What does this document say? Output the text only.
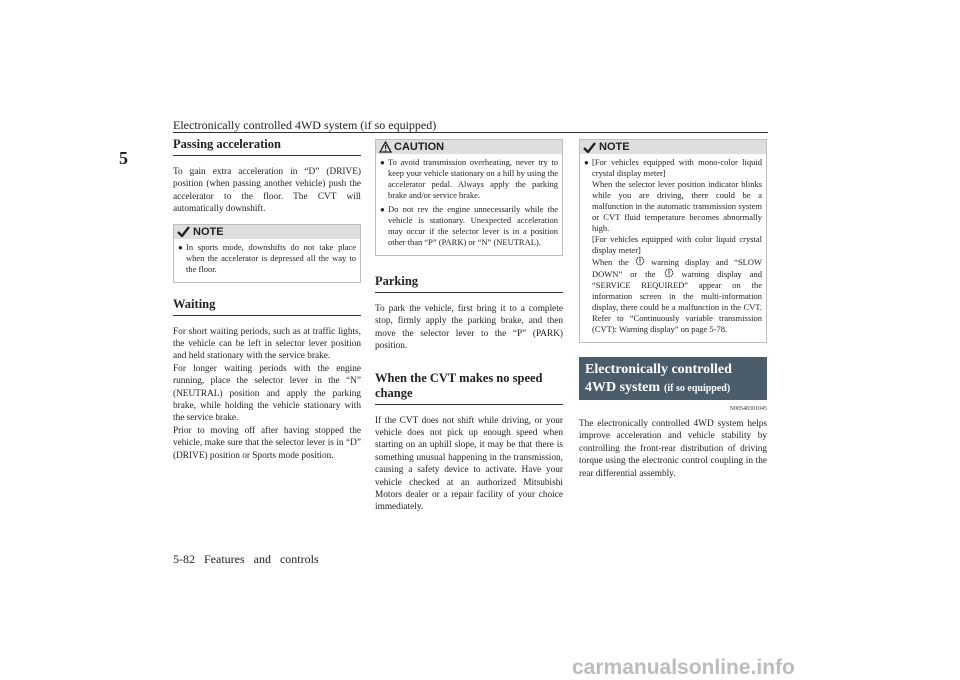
Electronically controlled 4WD system (if so equipped)
5
Passing acceleration

To gain extra acceleration in “D” (DRIVE) position (when passing another vehicle) push the accelerator to the floor. The CVT will automatically downshift.

NOTE
● In sports mode, downshifts do not take place when the accelerator is depressed all the way to the floor.
Waiting

For short waiting periods, such as at traffic lights, the vehicle can be left in selector lever position and held stationary with the service brake.

For longer waiting periods with the engine running, place the selector lever in the “N” (NEUTRAL) position and apply the parking brake, while holding the vehicle stationary with the service brake.

Prior to moving off after having stopped the vehicle, make sure that the selector lever is in “D” (DRIVE) position or Sports mode position.

CAUTION
● To avoid transmission overheating, never try to keep your vehicle stationary on a hill by using the accelerator pedal. Always apply the parking brake and/or service brake.
● Do not rev the engine unnecessarily while the vehicle is stationary. Unexpected acceleration may occur if the selector lever is in a position other than “P” (PARK) or “N” (NEUTRAL).
Parking

To park the vehicle, first bring it to a complete stop, firmly apply the parking brake, and then move the selector lever to the “P” (PARK) position.

When the CVT makes no speed change

If the CVT does not shift while driving, or your vehicle does not pick up enough speed when starting on an uphill slope, it may be that there is something unusual happening in the transmission, causing a safety device to activate. Have your vehicle checked at an authorized Mitsubishi Motors dealer or a repair facility of your choice immediately.

NOTE
● [For vehicles equipped with mono-color liquid crystal display meter]
When the selector lever position indicator blinks while you are driving, there could be a malfunction in the automatic transmission system or CVT fluid temperature becomes abnormally high.
[For vehicles equipped with color liquid crystal display meter]
When the	warning display and “SLOW DOWN” or the	warning display and “SERVICE REQUIRED” appear on the information screen in the multi-information display, there could be a malfunction in the CVT. Refer to “Continuously variable transmission (CVT): Warning display” on page 5-78.
Electronically controlled 4WD system (if so equipped)
N00548301045

The electronically controlled 4WD system helps improve acceleration and vehicle stability by controlling the front-rear distribution of driving torque using the electronic control coupling in the rear differential assembly.

5-82 Features and controls
carmanualsonline.info
